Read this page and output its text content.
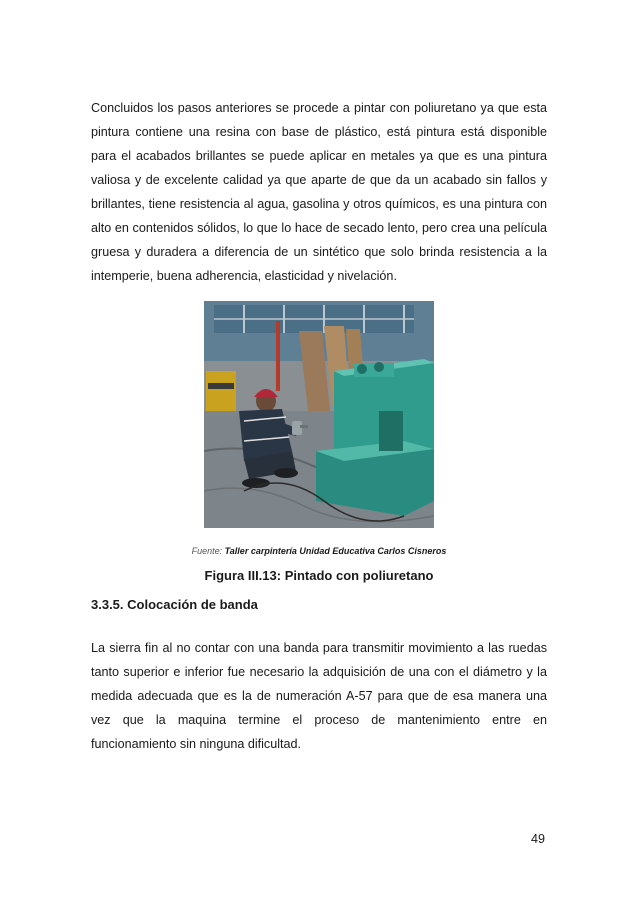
Concluidos los pasos anteriores se procede a pintar con poliuretano ya que esta pintura contiene una resina con base de plástico, está pintura está disponible para el acabados brillantes se puede aplicar en metales ya que es una pintura valiosa y de excelente calidad ya que aparte de que da un acabado sin fallos y brillantes, tiene resistencia al agua, gasolina y otros químicos, es una pintura con alto en contenidos sólidos, lo que lo hace de secado lento, pero crea una película gruesa y duradera a diferencia de un sintético que solo brinda resistencia a la intemperie, buena adherencia, elasticidad y nivelación.

Fuente: Taller carpintería Unidad Educativa Carlos Cisneros

Figura III.13: Pintado con poliuretano

3.3.5. Colocación de banda

La sierra fin al no contar con una banda para transmitir movimiento a las ruedas tanto superior e inferior fue necesario la adquisición de una con el diámetro y la medida adecuada que es la de numeración A-57 para que de esa manera una vez que la maquina termine el proceso de mantenimiento entre en funcionamiento sin ninguna dificultad.

49
